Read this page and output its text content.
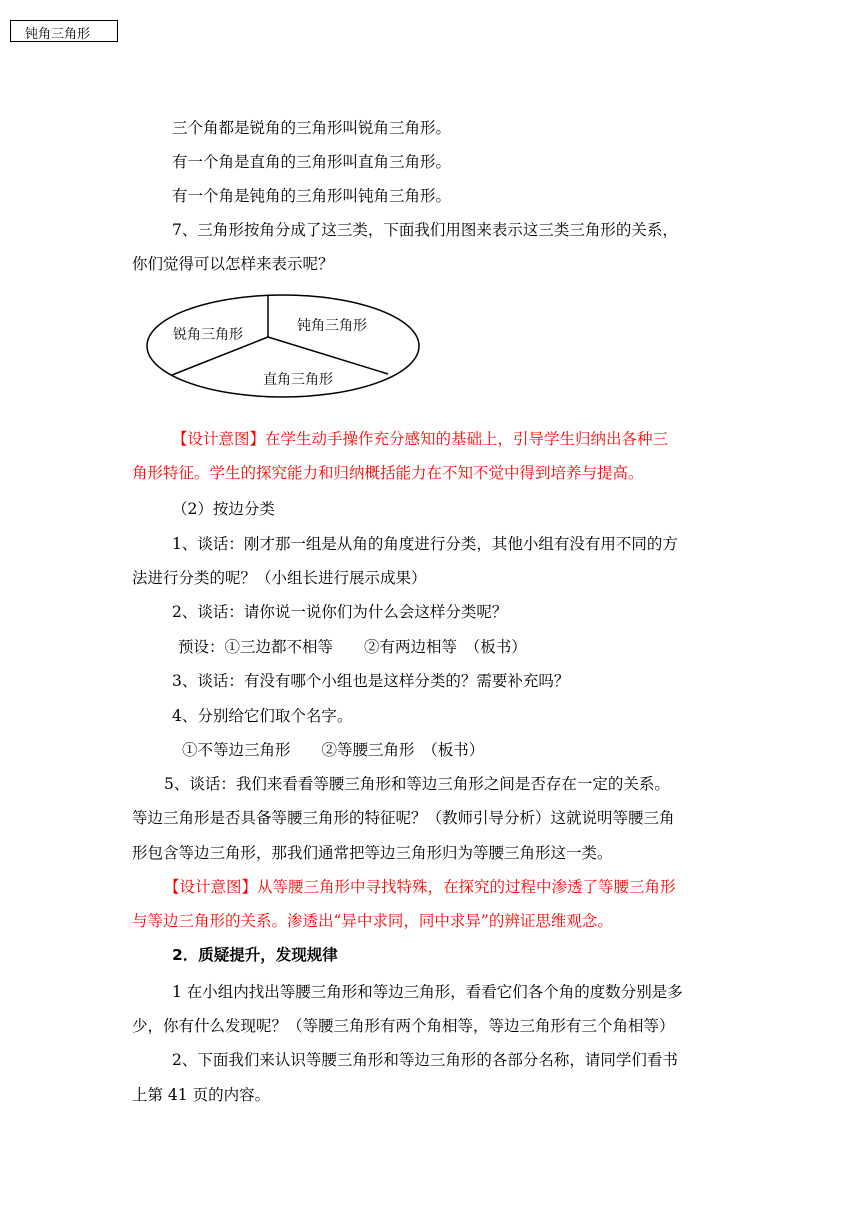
钝角三角形
三个角都是锐角的三角形叫锐角三角形。
有一个角是直角的三角形叫直角三角形。
有一个角是钝角的三角形叫钝角三角形。
7、三角形按角分成了这三类，下面我们用图来表示这三类三角形的关系，
你们觉得可以怎样来表示呢？
锐角三角形
钝角三角形
直角三角形
【设计意图】在学生动手操作充分感知的基础上，引导学生归纳出各种三
角形特征。学生的探究能力和归纳概括能力在不知不觉中得到培养与提高。
（2）按边分类
1、谈话：刚才那一组是从角的角度进行分类，其他小组有没有用不同的方
法进行分类的呢？（小组长进行展示成果）
2、谈话：请你说一说你们为什么会这样分类呢？
预设：①三边都不相等　　②有两边相等　（板书）
3、谈话：有没有哪个小组也是这样分类的？需要补充吗？
4、分别给它们取个名字。
①不等边三角形　　②等腰三角形　（板书）
5、谈话：我们来看看等腰三角形和等边三角形之间是否存在一定的关系。
等边三角形是否具备等腰三角形的特征呢？（教师引导分析）这就说明等腰三角
形包含等边三角形，那我们通常把等边三角形归为等腰三角形这一类。
【设计意图】从等腰三角形中寻找特殊，在探究的过程中渗透了等腰三角形
与等边三角形的关系。渗透出“异中求同，同中求异”的辨证思维观念。
2．质疑提升，发现规律
1 在小组内找出等腰三角形和等边三角形，看看它们各个角的度数分别是多
少，你有什么发现呢？（等腰三角形有两个角相等，等边三角形有三个角相等）
2、下面我们来认识等腰三角形和等边三角形的各部分名称，请同学们看书
上第 41 页的内容。
